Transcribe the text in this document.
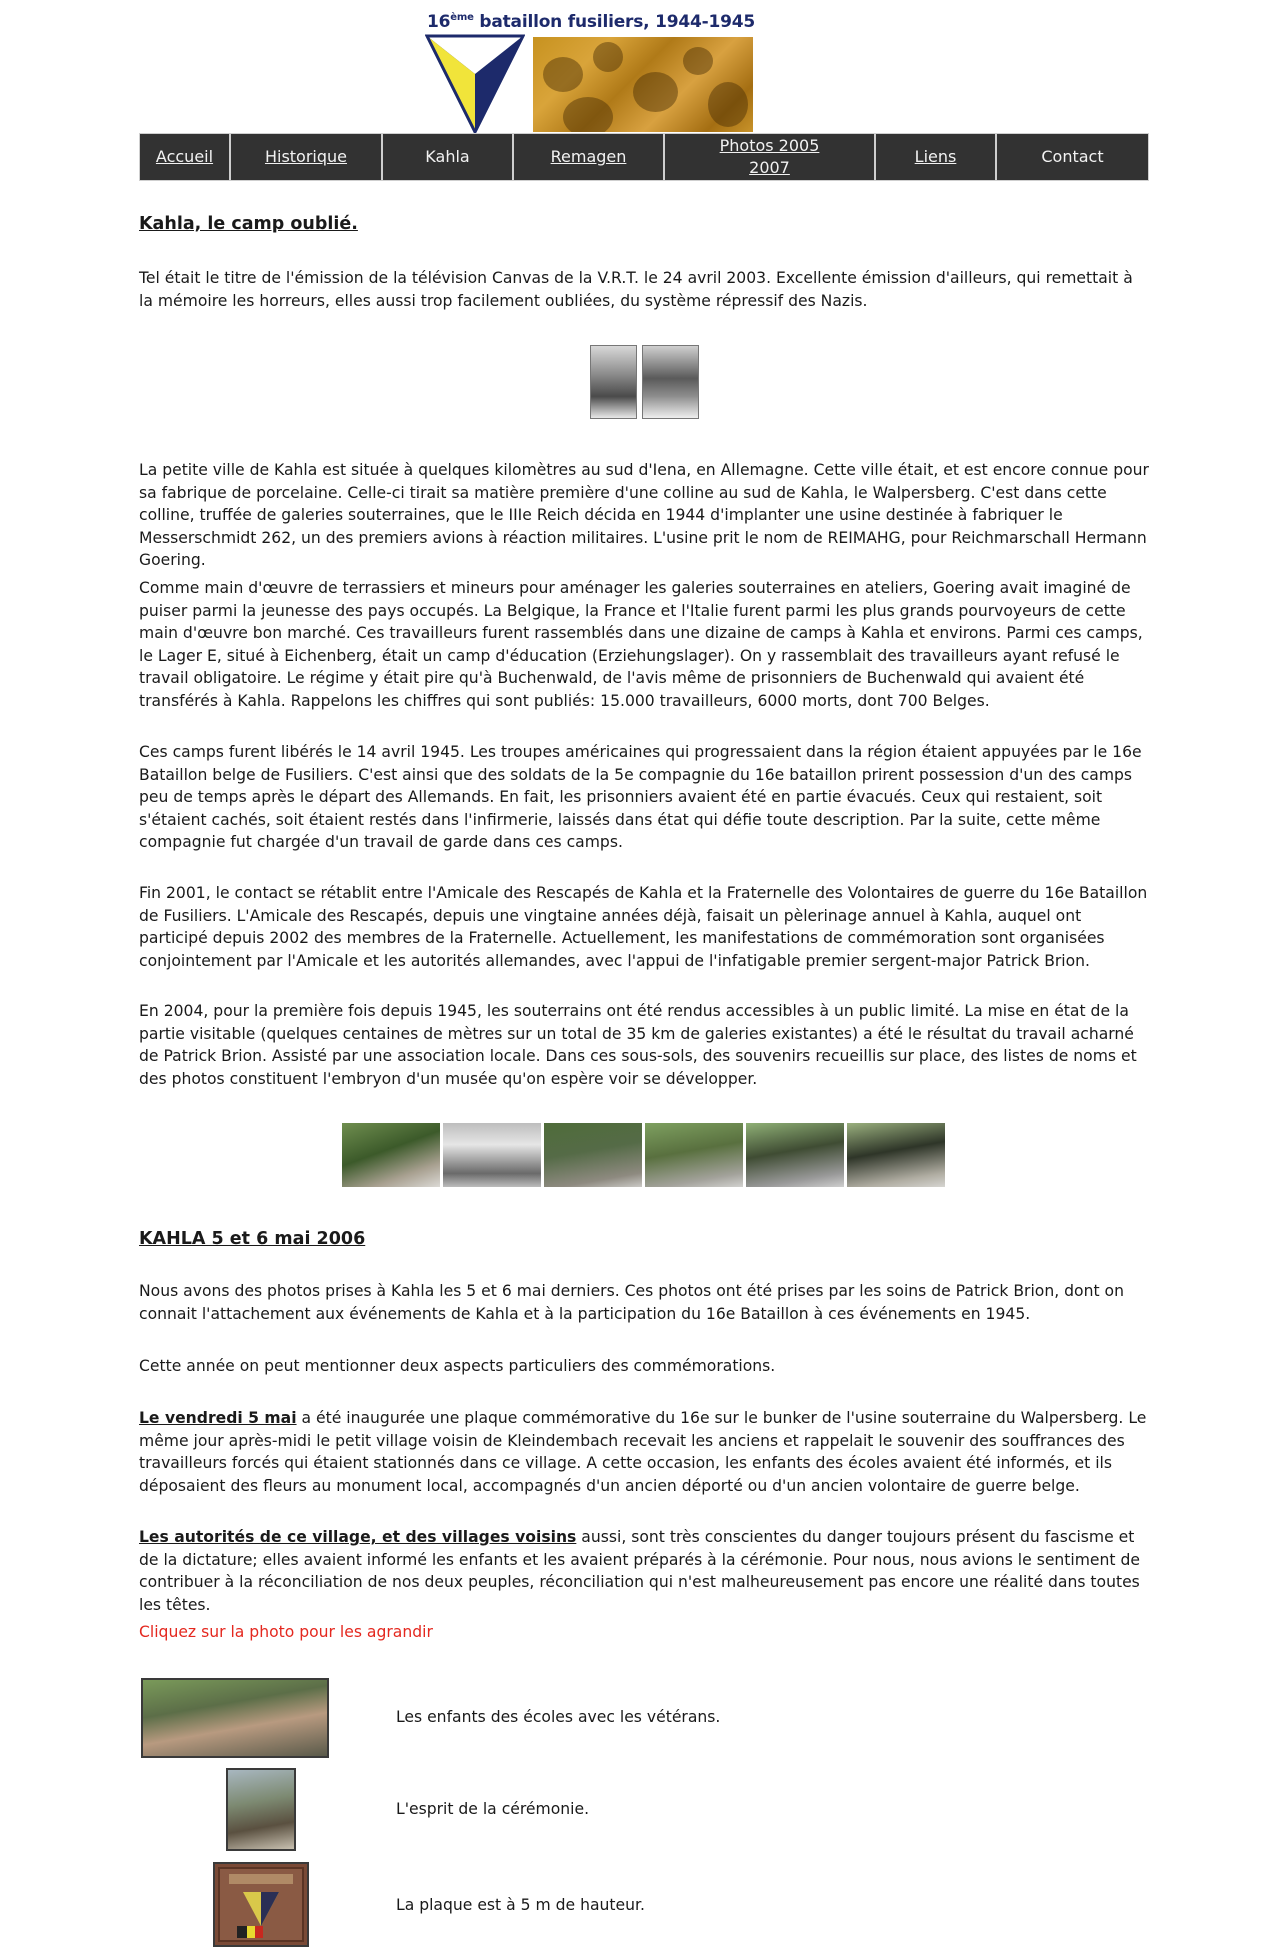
16ème bataillon fusiliers, 1944-1945
Accueil	Historique	Kahla	Remagen
Photos 2005 2007
Liens	Contact
Kahla, le camp oublié.
Tel était le titre de l'émission de la télévision Canvas de la V.R.T. le 24 avril 2003. Excellente émission d'ailleurs, qui remettait à la mémoire les horreurs, elles aussi trop facilement oubliées, du système répressif des Nazis.
La petite ville de Kahla est située à quelques kilomètres au sud d'Iena, en Allemagne. Cette ville était, et est encore connue pour sa fabrique de porcelaine. Celle-ci tirait sa matière première d'une colline au sud de Kahla, le Walpersberg. C'est dans cette colline, truffée de galeries souterraines, que le IIIe Reich décida en 1944 d'implanter une usine destinée à fabriquer le Messerschmidt 262, un des premiers avions à réaction militaires. L'usine prit le nom de REIMAHG, pour Reichmarschall Hermann Goering.
Comme main d'œuvre de terrassiers et mineurs pour aménager les galeries souterraines en ateliers, Goering avait imaginé de puiser parmi la jeunesse des pays occupés. La Belgique, la France et l'Italie furent parmi les plus grands pourvoyeurs de cette main d'œuvre bon marché. Ces travailleurs furent rassemblés dans une dizaine de camps à Kahla et environs. Parmi ces camps, le Lager E, situé à Eichenberg, était un camp d'éducation (Erziehungslager). On y rassemblait des travailleurs ayant refusé le travail obligatoire. Le régime y était pire qu'à Buchenwald, de l'avis même de prisonniers de Buchenwald qui avaient été transférés à Kahla. Rappelons les chiffres qui sont publiés: 15.000 travailleurs, 6000 morts, dont 700 Belges.
Ces camps furent libérés le 14 avril 1945. Les troupes américaines qui progressaient dans la région étaient appuyées par le 16e Bataillon belge de Fusiliers. C'est ainsi que des soldats de la 5e compagnie du 16e bataillon prirent possession d'un des camps peu de temps après le départ des Allemands. En fait, les prisonniers avaient été en partie évacués. Ceux qui restaient, soit s'étaient cachés, soit étaient restés dans l'infirmerie, laissés dans état qui défie toute description. Par la suite, cette même compagnie fut chargée d'un travail de garde dans ces camps.
Fin 2001, le contact se rétablit entre l'Amicale des Rescapés de Kahla et la Fraternelle des Volontaires de guerre du 16e Bataillon de Fusiliers. L'Amicale des Rescapés, depuis une vingtaine années déjà, faisait un pèlerinage annuel à Kahla, auquel ont participé depuis 2002 des membres de la Fraternelle. Actuellement, les manifestations de commémoration sont organisées conjointement par l'Amicale et les autorités allemandes, avec l'appui de l'infatigable premier sergent-major Patrick Brion.
En 2004, pour la première fois depuis 1945, les souterrains ont été rendus accessibles à un public limité. La mise en état de la partie visitable (quelques centaines de mètres sur un total de 35 km de galeries existantes) a été le résultat du travail acharné de Patrick Brion. Assisté par une association locale. Dans ces sous-sols, des souvenirs recueillis sur place, des listes de noms et des photos constituent l'embryon d'un musée qu'on espère voir se développer.
KAHLA 5 et 6 mai 2006
Nous avons des photos prises à Kahla les 5 et 6 mai derniers. Ces photos ont été prises par les soins de Patrick Brion, dont on connait l'attachement aux événements de Kahla et à la participation du 16e Bataillon à ces événements en 1945.
Cette année on peut mentionner deux aspects particuliers des commémorations.
Le vendredi 5 mai a été inaugurée une plaque commémorative du 16e sur le bunker de l'usine souterraine du Walpersberg. Le même jour après-midi le petit village voisin de Kleindembach recevait les anciens et rappelait le souvenir des souffrances des travailleurs forcés qui étaient stationnés dans ce village. A cette occasion, les enfants des écoles avaient été informés, et ils déposaient des fleurs au monument local, accompagnés d'un ancien déporté ou d'un ancien volontaire de guerre belge.
Les autorités de ce village, et des villages voisins aussi, sont très conscientes du danger toujours présent du fascisme et de la dictature; elles avaient informé les enfants et les avaient préparés à la cérémonie. Pour nous, nous avions le sentiment de contribuer à la réconciliation de nos deux peuples, réconciliation qui n'est malheureusement pas encore une réalité dans toutes les têtes.
Cliquez sur la photo pour les agrandir
Les enfants des écoles avec les vétérans.
L'esprit de la cérémonie.
La plaque est à 5 m de hauteur.
